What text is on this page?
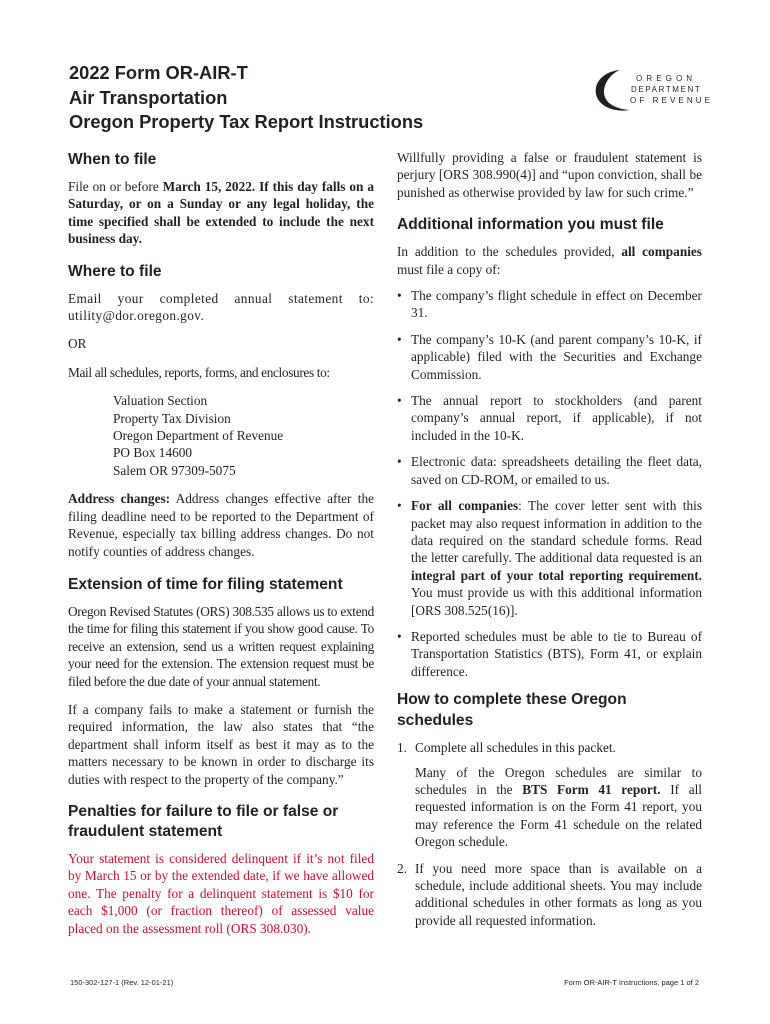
2022 Form OR-AIR-T
Air Transportation
Oregon Property Tax Report Instructions
OREGON
DEPARTMENT
OF REVENUE
When to file

File on or before March 15, 2022. If this day falls on a Saturday, or on a Sunday or any legal holiday, the time specified shall be extended to include the next business day.

Where to file

Email your completed annual statement to: utility@dor.oregon.gov.

OR

Mail all schedules, reports, forms, and enclosures to:

Valuation Section
Property Tax Division
Oregon Department of Revenue
PO Box 14600
Salem OR 97309-5075

Address changes: Address changes effective after the filing deadline need to be reported to the Department of Revenue, especially tax billing address changes. Do not notify counties of address changes.

Extension of time for filing statement

Oregon Revised Statutes (ORS) 308.535 allows us to extend the time for filing this statement if you show good cause. To receive an extension, send us a written request explaining your need for the extension. The extension request must be filed before the due date of your annual statement.

If a company fails to make a statement or furnish the required information, the law also states that “the department shall inform itself as best it may as to the matters necessary to be known in order to discharge its duties with respect to the property of the company.”

Penalties for failure to file or false or fraudulent statement

Your statement is considered delinquent if it’s not filed by March 15 or by the extended date, if we have allowed one. The penalty for a delinquent statement is $10 for each $1,000 (or fraction thereof) of assessed value placed on the assessment roll (ORS 308.030).

Willfully providing a false or fraudulent statement is perjury [ORS 308.990(4)] and “upon conviction, shall be punished as otherwise provided by law for such crime.”

Additional information you must file

In addition to the schedules provided, all companies must file a copy of:

• The company’s flight schedule in effect on December 31.
• The company’s 10-K (and parent company’s 10-K, if applicable) filed with the Securities and Exchange Commission.
• The annual report to stockholders (and parent company’s annual report, if applicable), if not included in the 10-K.
• Electronic data: spreadsheets detailing the fleet data, saved on CD-ROM, or emailed to us.
• For all companies: The cover letter sent with this packet may also request information in addition to the data required on the standard schedule forms. Read the letter carefully. The additional data requested is an integral part of your total reporting requirement. You must provide us with this additional information [ORS 308.525(16)].
• Reported schedules must be able to tie to Bureau of Transportation Statistics (BTS), Form 41, or explain difference.
How to complete these Oregon schedules
1. Complete all schedules in this packet.

Many of the Oregon schedules are similar to schedules in the BTS Form 41 report. If all requested information is on the Form 41 report, you may reference the Form 41 schedule on the related Oregon schedule.

2. If you need more space than is available on a schedule, include additional sheets. You may include additional schedules in other formats as long as you provide all requested information.

150-302-127-1 (Rev. 12-01-21)	Form OR-AIR-T Instructions, page 1 of 2
